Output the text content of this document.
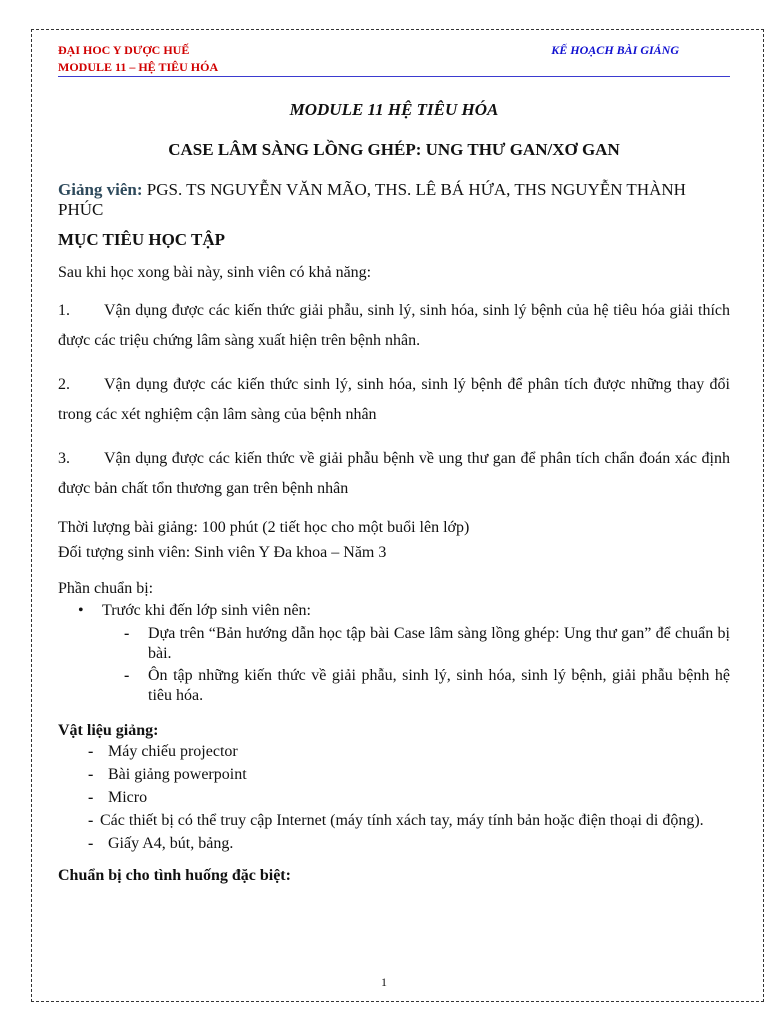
ĐẠI HOC Y DƯỢC HUẾ	KẾ HOẠCH BÀI GIẢNG
MODULE 11 – HỆ TIÊU HÓA

MODULE 11 HỆ TIÊU HÓA

CASE LÂM SÀNG LỒNG GHÉP: UNG THƯ GAN/XƠ GAN

Giảng viên: PGS. TS NGUYỄN VĂN MÃO, THS. LÊ BÁ HỨA, THS NGUYỄN THÀNH PHÚC
MỤC TIÊU HỌC TẬP

Sau khi học xong bài này, sinh viên có khả năng:

1. Vận dụng được các kiến thức giải phẫu, sinh lý, sinh hóa, sinh lý bệnh của hệ tiêu hóa giải thích được các triệu chứng lâm sàng xuất hiện trên bệnh nhân.

2. Vận dụng được các kiến thức sinh lý, sinh hóa, sinh lý bệnh để phân tích được những thay đổi trong các xét nghiệm cận lâm sàng của bệnh nhân

3. Vận dụng được các kiến thức về giải phẫu bệnh về ung thư gan để phân tích chẩn đoán xác định được bản chất tổn thương gan trên bệnh nhân

Thời lượng bài giảng: 100 phút (2 tiết học cho một buổi lên lớp)
Đối tượng sinh viên: Sinh viên Y Đa khoa – Năm 3
Phần chuẩn bị:
•	Trước khi đến lớp sinh viên nên:
-	Dựa trên “Bản hướng dẫn học tập bài Case lâm sàng lồng ghép: Ung thư gan” để chuẩn bị bài.
-	Ôn tập những kiến thức về giải phẫu, sinh lý, sinh hóa, sinh lý bệnh, giải phẫu bệnh hệ tiêu hóa.
Vật liệu giảng:
- Máy chiếu projector
- Bài giảng powerpoint
- Micro
- Các thiết bị có thể truy cập Internet (máy tính xách tay, máy tính bản hoặc điện thoại di động).
- Giấy A4, bút, bảng.
Chuẩn bị cho tình huống đặc biệt:
1
